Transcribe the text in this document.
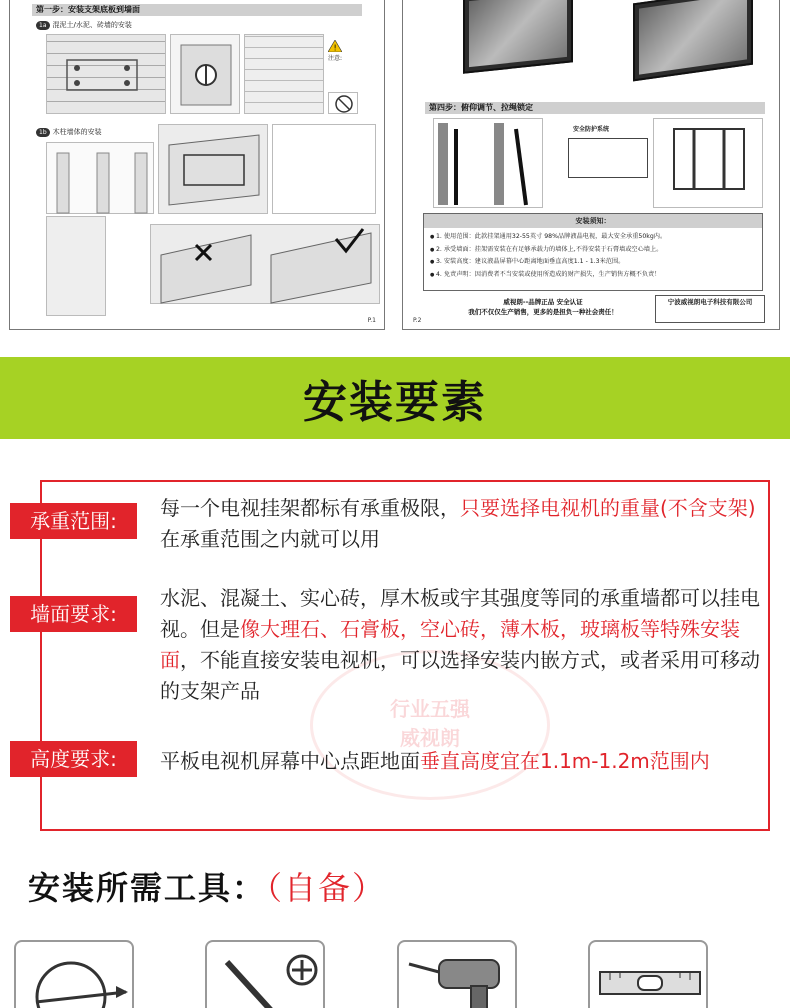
第一步：安装支架底板到墙面
1a 混泥土/水泥、砖墙的安装
!
注意:
1b 木柱墙体的安装
P.1
第四步：俯仰调节、拉绳锁定
安全防护系统
安装须知：
● 1. 使用范围：此款挂架通用32-55英寸 98%品牌液晶电视，最大安全承重50kg内。
● 2. 承受墙面：挂架需安装在有足够承载力的墙体上,不得安装于石膏墙或空心墙上。
● 3. 安装高度：建议液晶屏幕中心距离地面垂直高度1.1 - 1.3米范围。
● 4. 免责声明：因消费者不当安装或使用所造成的财产损失，生产销售方概不负责！
威视朗--品牌正品 安全认证
我们不仅仅生产销售，更多的是担负一种社会责任！
宁波威视朗电子科技有限公司
P.2
安装要素
行业五强
威视朗
承重范围:
每一个电视挂架都标有承重极限，只要选择电视机的重量(不含支架)在承重范围之内就可以用
墙面要求:
水泥、混凝土、实心砖，厚木板或宇其强度等同的承重墙都可以挂电视。但是像大理石、石膏板，空心砖，薄木板，玻璃板等特殊安装面，不能直接安装电视机，可以选择安装内嵌方式，或者采用可移动的支架产品
高度要求:	平板电视机屏幕中心点距地面垂直高度宜在1.1m-1.2m范围内
安装所需工具：（自备）
